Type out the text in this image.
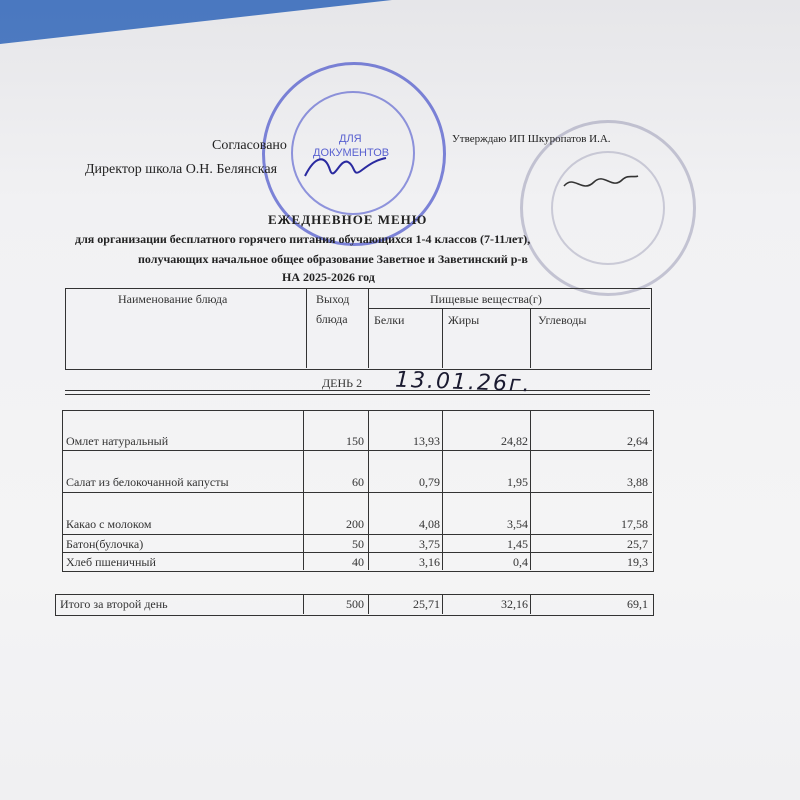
ДЛЯ
ДОКУМЕНТОВ
Согласовано
Директор школа О.Н. Белянская
Утверждаю ИП Шкуропатов И.А.
ЕЖЕДНЕВНОЕ МЕНЮ
для организации бесплатного горячего питания обучающихся 1-4 классов (7-11лет),
получающих начальное общее образование Заветное и Заветинский р-в
НА 2025-2026 год
Наименование блюда	Выход
блюда
Пищевые вещества(г)
Белки	Жиры	Углеводы
ДЕНЬ 2 13.01.26г.
Омлет натуральный	150	13,93	24,82	2,64
Салат из белокочанной капусты	60	0,79	1,95	3,88
Какао с молоком	200	4,08	3,54	17,58
Батон(булочка)	50	3,75	1,45	25,7
Хлеб пшеничный	40	3,16	0,4	19,3
Итого за второй день	500	25,71	32,16	69,1
